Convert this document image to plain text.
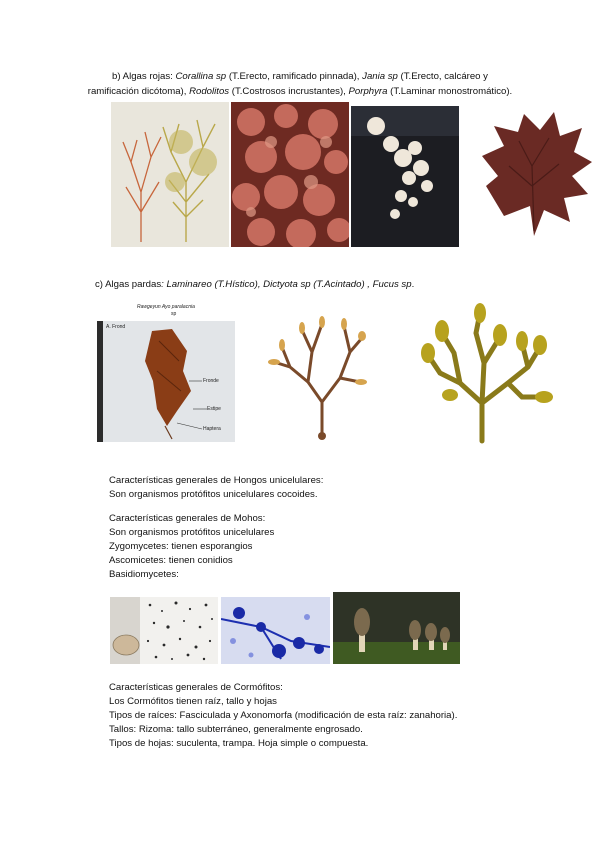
b) Algas rojas: Corallina sp (T.Erecto, ramificado pinnada), Jania sp (T.Erecto, calcáreo y
ramificación dicótoma), Rodolitos (T.Costrosos incrustantes), Porphyra (T.Laminar monostromático).
c) Algas pardas: Laminareo (T.Hístico), Dictyota sp (T.Acintado) , Fucus sp.
Rawgeyun Ayo paralacnia
sp
A. Frond
Fronde
Estipe
Haptera
Características generales de Hongos unicelulares:
Son organismos protófitos unicelulares cocoides.
Características generales de Mohos:
Son organismos protófitos unicelulares
Zygomycetes: tienen esporangios
Ascomicetes: tienen conidios
Basidiomycetes:
Características generales de Cormófitos:
Los Cormófitos tienen raíz, tallo y hojas
Tipos de raíces: Fasciculada y Axonomorfa (modificación de esta raíz: zanahoria).
Tallos: Rizoma: tallo subterráneo, generalmente engrosado.
Tipos de hojas: suculenta, trampa. Hoja simple o compuesta.
